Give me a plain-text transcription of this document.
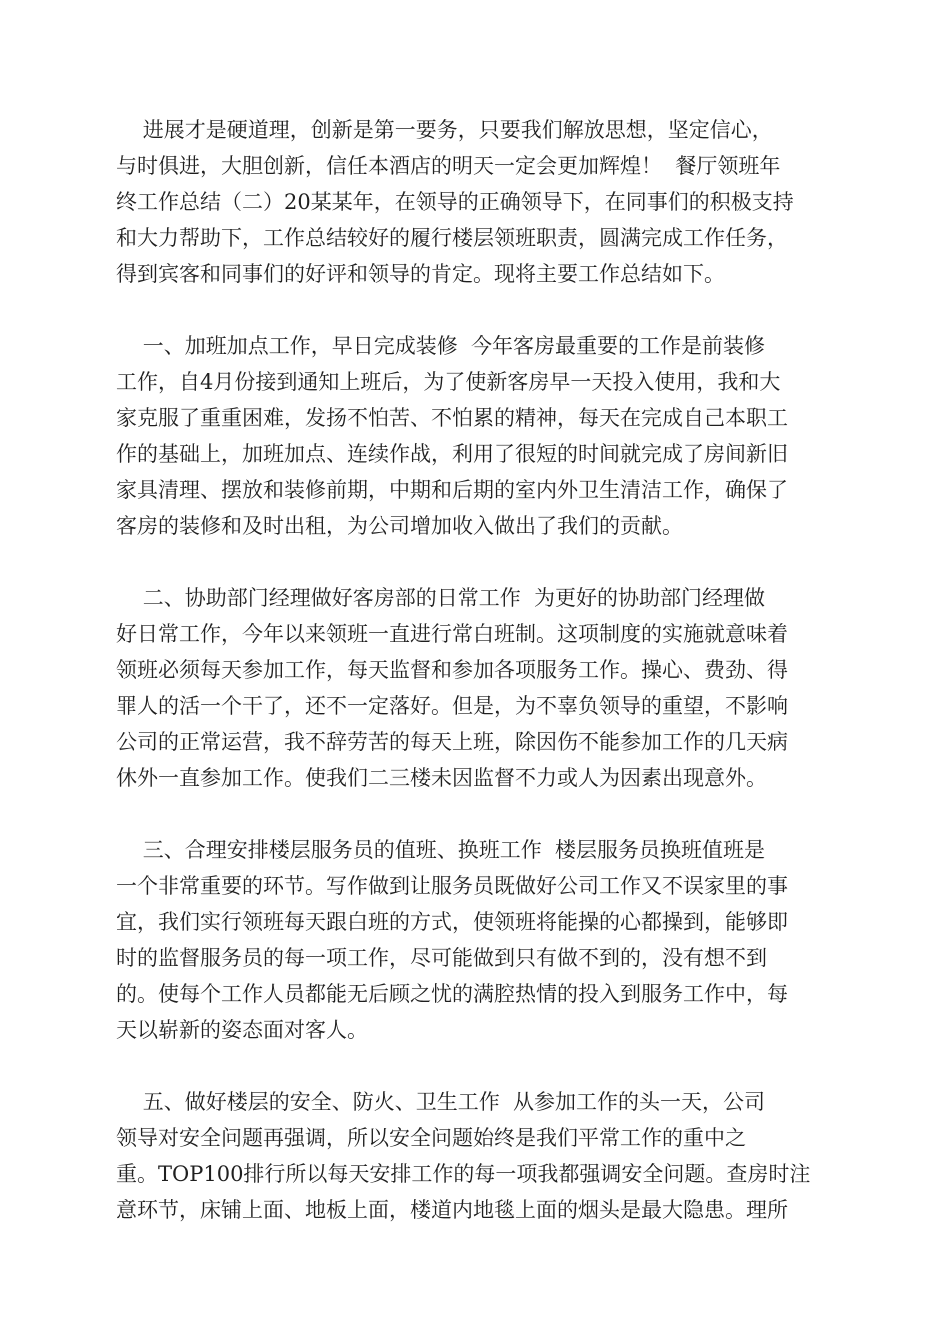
进展才是硬道理，创新是第一要务，只要我们解放思想，坚定信心，
与时俱进，大胆创新，信任本酒店的明天一定会更加辉煌！  餐厅领班年
终工作总结（二）20某某年，在领导的正确领导下，在同事们的积极支持
和大力帮助下，工作总结较好的履行楼层领班职责，圆满完成工作任务，
得到宾客和同事们的好评和领导的肯定。现将主要工作总结如下。
一、加班加点工作，早日完成装修  今年客房最重要的工作是前装修
工作，自4月份接到通知上班后，为了使新客房早一天投入使用，我和大
家克服了重重困难，发扬不怕苦、不怕累的精神，每天在完成自己本职工
作的基础上，加班加点、连续作战，利用了很短的时间就完成了房间新旧
家具清理、摆放和装修前期，中期和后期的室内外卫生清洁工作，确保了
客房的装修和及时出租，为公司增加收入做出了我们的贡献。
二、协助部门经理做好客房部的日常工作  为更好的协助部门经理做
好日常工作，今年以来领班一直进行常白班制。这项制度的实施就意味着
领班必须每天参加工作，每天监督和参加各项服务工作。操心、费劲、得
罪人的活一个干了，还不一定落好。但是，为不辜负领导的重望，不影响
公司的正常运营，我不辞劳苦的每天上班，除因伤不能参加工作的几天病
休外一直参加工作。使我们二三楼未因监督不力或人为因素出现意外。
三、合理安排楼层服务员的值班、换班工作  楼层服务员换班值班是
一个非常重要的环节。写作做到让服务员既做好公司工作又不误家里的事
宜，我们实行领班每天跟白班的方式，使领班将能操的心都操到，能够即
时的监督服务员的每一项工作，尽可能做到只有做不到的，没有想不到
的。使每个工作人员都能无后顾之忧的满腔热情的投入到服务工作中，每
天以崭新的姿态面对客人。
五、做好楼层的安全、防火、卫生工作  从参加工作的头一天，公司
领导对安全问题再强调，所以安全问题始终是我们平常工作的重中之
重。TOP100排行所以每天安排工作的每一项我都强调安全问题。查房时注
意环节，床铺上面、地板上面，楼道内地毯上面的烟头是最大隐患。理所
